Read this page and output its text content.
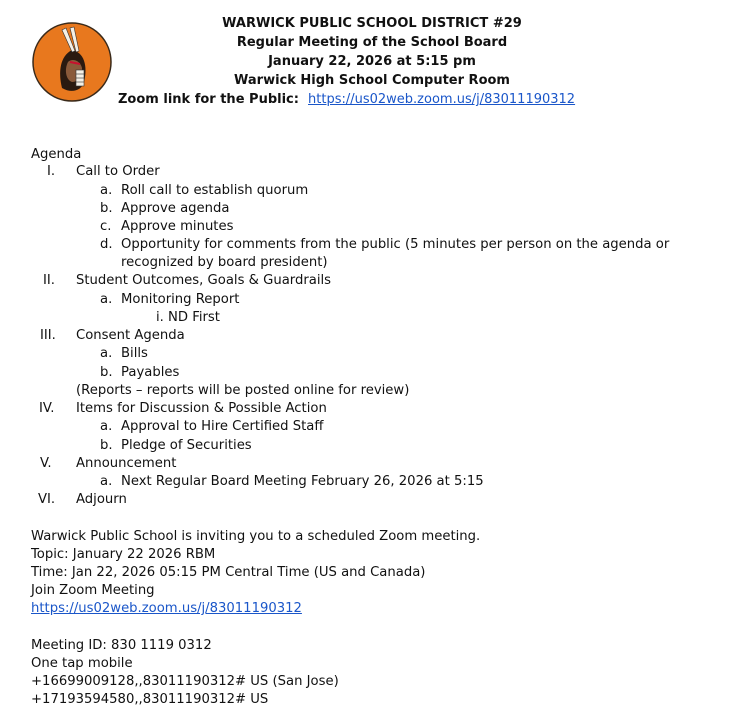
WARWICK PUBLIC SCHOOL DISTRICT #29
Regular Meeting of the School Board
January 22, 2026 at 5:15 pm
Warwick High School Computer Room
Zoom link for the Public: https://us02web.zoom.us/j/83011190312
Agenda
I. Call to Order
a. Roll call to establish quorum
b. Approve agenda
c. Approve minutes
d. Opportunity for comments from the public (5 minutes per person on the agenda or
recognized by board president)
II. Student Outcomes, Goals & Guardrails
a. Monitoring Report
i. ND First
III. Consent Agenda
a. Bills
b. Payables
(Reports – reports will be posted online for review)
IV. Items for Discussion & Possible Action
a. Approval to Hire Certified Staff
b. Pledge of Securities
V. Announcement
a. Next Regular Board Meeting February 26, 2026 at 5:15
VI. Adjourn
Warwick Public School is inviting you to a scheduled Zoom meeting.
Topic: January 22 2026 RBM
Time: Jan 22, 2026 05:15 PM Central Time (US and Canada)
Join Zoom Meeting
https://us02web.zoom.us/j/83011190312
Meeting ID: 830 1119 0312
One tap mobile
+16699009128,,83011190312# US (San Jose)
+17193594580,,83011190312# US
